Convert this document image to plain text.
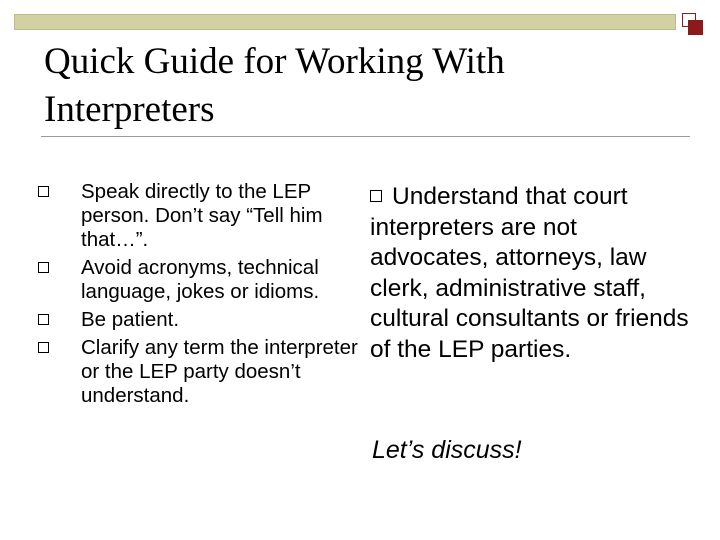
Quick Guide for Working With Interpreters
Speak directly to the LEP person. Don’t say “Tell him that…”.
Avoid acronyms, technical language, jokes or idioms.
Be patient.
Clarify any term the interpreter or the LEP party doesn’t understand.

Understand that court interpreters are not advocates, attorneys, law clerk, administrative staff, cultural consultants or friends of the LEP parties.

Let’s discuss!
